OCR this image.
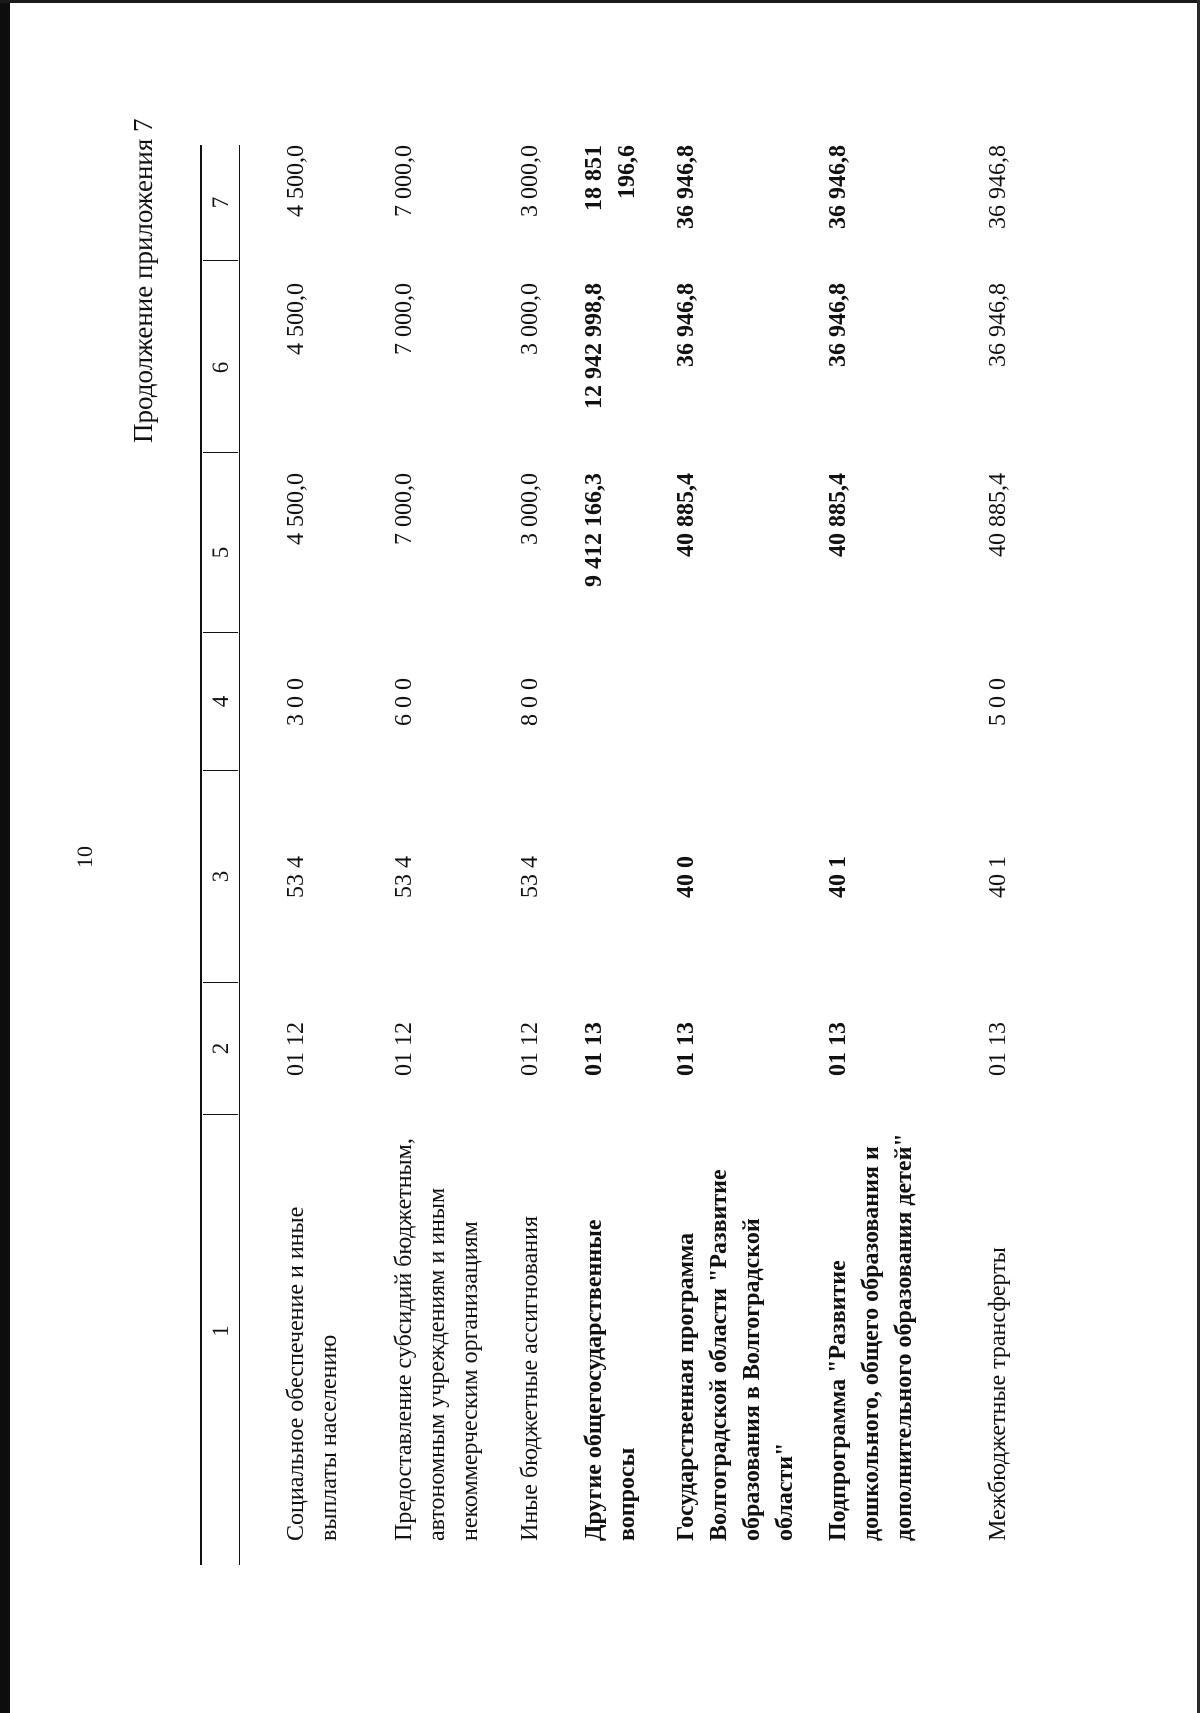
10
Продолжение приложения 7
1
2
3
4
5
6
7
Социальное обеспечение и иные выплаты населению
01 12
53 4
3 0 0
4 500,0
4 500,0
4 500,0
Предоставление субсидий бюджетным, автономным учреждениям и иным некоммерческим организациям
01 12
53 4
6 0 0
7 000,0
7 000,0
7 000,0
Иные бюджетные ассигнования
01 12
53 4
8 0 0
3 000,0
3 000,0
3 000,0
Другие общегосударственные вопросы
01 13
9 412 166,3
12 942 998,8
18 851 196,6
Государственная программа Волгоградской области "Развитие образования в Волгоградской области"
01 13
40 0
40 885,4
36 946,8
36 946,8
Подпрограмма "Развитие дошкольного, общего образования и дополнительного образования детей"
01 13
40 1
40 885,4
36 946,8
36 946,8
Межбюджетные трансферты
01 13
40 1
5 0 0
40 885,4
36 946,8
36 946,8
